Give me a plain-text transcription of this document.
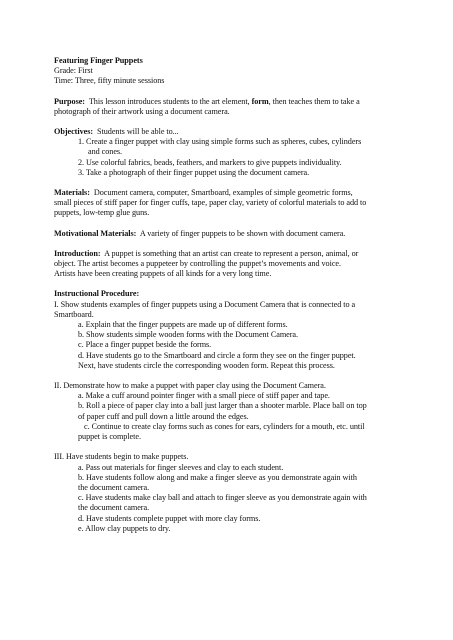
Featuring Finger Puppets
Grade: First
Time: Three, fifty minute sessions
Purpose: This lesson introduces students to the art element, form, then teaches them to take a
photograph of their artwork using a document camera.
Objectives: Students will be able to...
1. Create a finger puppet with clay using simple forms such as spheres, cubes, cylinders
and cones.
2. Use colorful fabrics, beads, feathers, and markers to give puppets individuality.
3. Take a photograph of their finger puppet using the document camera.
Materials: Document camera, computer, Smartboard, examples of simple geometric forms,
small pieces of stiff paper for finger cuffs, tape, paper clay, variety of colorful materials to add to
puppets, low-temp glue guns.
Motivational Materials: A variety of finger puppets to be shown with document camera.
Introduction: A puppet is something that an artist can create to represent a person, animal, or
object. The artist becomes a puppeteer by controlling the puppet’s movements and voice.
Artists have been creating puppets of all kinds for a very long time.
Instructional Procedure:
I. Show students examples of finger puppets using a Document Camera that is connected to a
Smartboard.
a. Explain that the finger puppets are made up of different forms.
b. Show students simple wooden forms with the Document Camera.
c. Place a finger puppet beside the forms.
d. Have students go to the Smartboard and circle a form they see on the finger puppet.
Next, have students circle the corresponding wooden form. Repeat this process.
II. Demonstrate how to make a puppet with paper clay using the Document Camera.
a. Make a cuff around pointer finger with a small piece of stiff paper and tape.
b. Roll a piece of paper clay into a ball just larger than a shooter marble. Place ball on top
of paper cuff and pull down a little around the edges.
c. Continue to create clay forms such as cones for ears, cylinders for a mouth, etc. until
puppet is complete.
III. Have students begin to make puppets.
a. Pass out materials for finger sleeves and clay to each student.
b. Have students follow along and make a finger sleeve as you demonstrate again with
the document camera.
c. Have students make clay ball and attach to finger sleeve as you demonstrate again with
the document camera.
d. Have students complete puppet with more clay forms.
e. Allow clay puppets to dry.
